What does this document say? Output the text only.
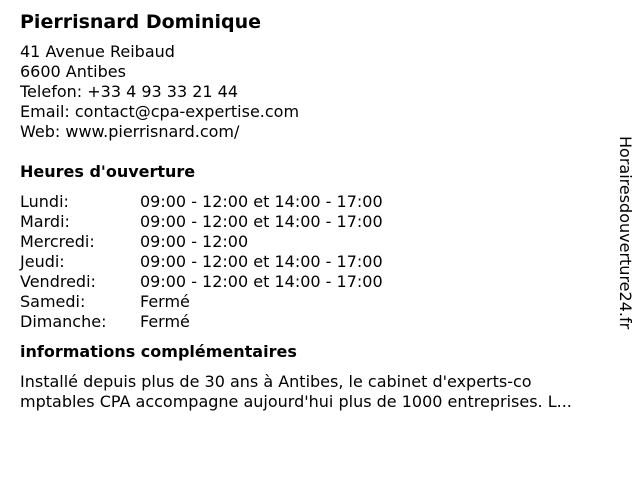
Pierrisnard Dominique
41 Avenue Reibaud
6600 Antibes
Telefon: +33 4 93 33 21 44
Email: contact@cpa-expertise.com
Web: www.pierrisnard.com/
Heures d'ouverture
Lundi:	09:00 - 12:00 et 14:00 - 17:00
Mardi:	09:00 - 12:00 et 14:00 - 17:00
Mercredi:	09:00 - 12:00
Jeudi:	09:00 - 12:00 et 14:00 - 17:00
Vendredi:	09:00 - 12:00 et 14:00 - 17:00
Samedi:	Fermé
Dimanche:	Fermé
informations complémentaires
Installé depuis plus de 30 ans à Antibes, le cabinet d'experts-co
mptables CPA accompagne aujourd'hui plus de 1000 entreprises. L...
Horairesdouverture24.fr
